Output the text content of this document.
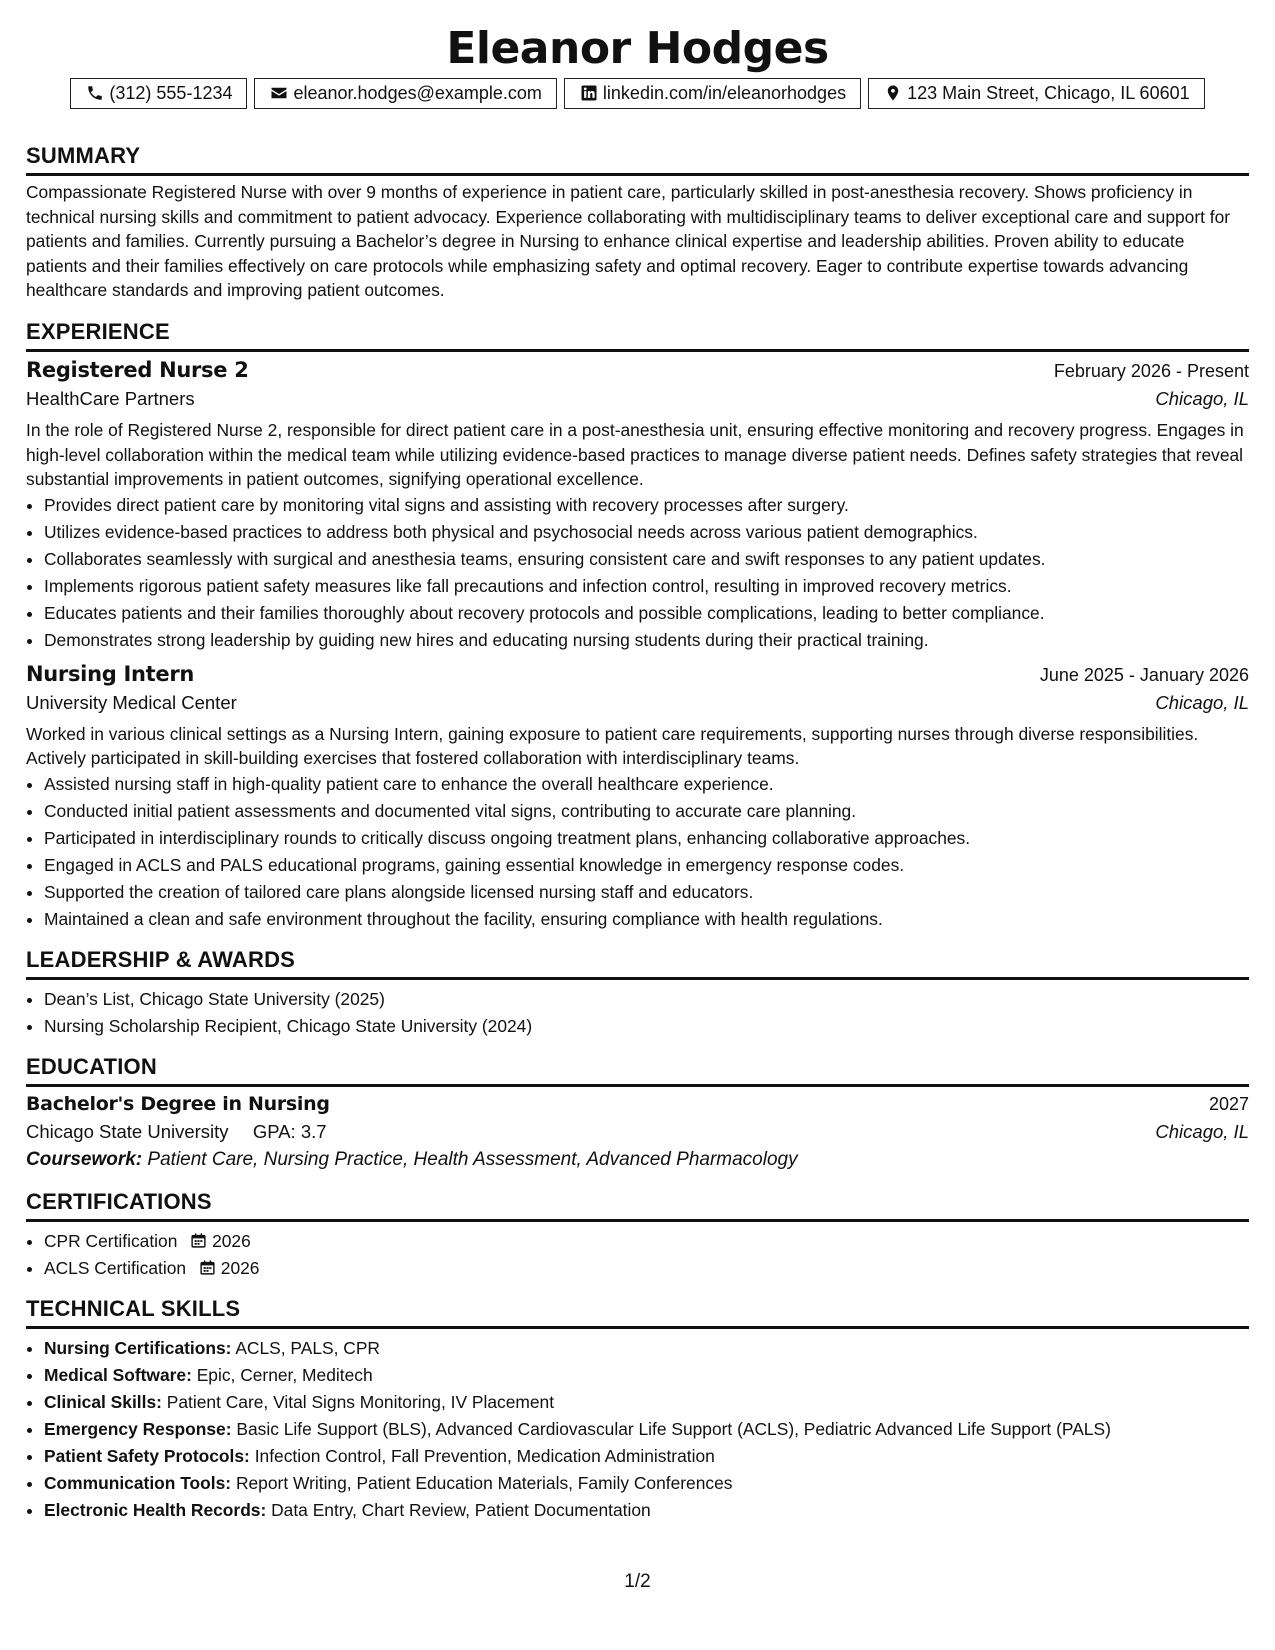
Eleanor Hodges
(312) 555-1234	eleanor.hodges@example.com	linkedin.com/in/eleanorhodges	123 Main Street, Chicago, IL 60601
SUMMARY

Compassionate Registered Nurse with over 9 months of experience in patient care, particularly skilled in post-anesthesia recovery. Shows proficiency in technical nursing skills and commitment to patient advocacy. Experience collaborating with multidisciplinary teams to deliver exceptional care and support for patients and families. Currently pursuing a Bachelor’s degree in Nursing to enhance clinical expertise and leadership abilities. Proven ability to educate patients and their families effectively on care protocols while emphasizing safety and optimal recovery. Eager to contribute expertise towards advancing healthcare standards and improving patient outcomes.

EXPERIENCE
Registered Nurse 2	February 2026 - Present
HealthCare Partners	Chicago, IL

In the role of Registered Nurse 2, responsible for direct patient care in a post-anesthesia unit, ensuring effective monitoring and recovery progress. Engages in high-level collaboration within the medical team while utilizing evidence-based practices to manage diverse patient needs. Defines safety strategies that reveal substantial improvements in patient outcomes, signifying operational excellence.

• Provides direct patient care by monitoring vital signs and assisting with recovery processes after surgery.
• Utilizes evidence-based practices to address both physical and psychosocial needs across various patient demographics.
• Collaborates seamlessly with surgical and anesthesia teams, ensuring consistent care and swift responses to any patient updates.
• Implements rigorous patient safety measures like fall precautions and infection control, resulting in improved recovery metrics.
• Educates patients and their families thoroughly about recovery protocols and possible complications, leading to better compliance.
• Demonstrates strong leadership by guiding new hires and educating nursing students during their practical training.
Nursing Intern	June 2025 - January 2026
University Medical Center	Chicago, IL

Worked in various clinical settings as a Nursing Intern, gaining exposure to patient care requirements, supporting nurses through diverse responsibilities. Actively participated in skill-building exercises that fostered collaboration with interdisciplinary teams.

• Assisted nursing staff in high-quality patient care to enhance the overall healthcare experience.
• Conducted initial patient assessments and documented vital signs, contributing to accurate care planning.
• Participated in interdisciplinary rounds to critically discuss ongoing treatment plans, enhancing collaborative approaches.
• Engaged in ACLS and PALS educational programs, gaining essential knowledge in emergency response codes.
• Supported the creation of tailored care plans alongside licensed nursing staff and educators.
• Maintained a clean and safe environment throughout the facility, ensuring compliance with health regulations.
LEADERSHIP & AWARDS
• Dean’s List, Chicago State University (2025)
• Nursing Scholarship Recipient, Chicago State University (2024)
EDUCATION
Bachelor's Degree in Nursing	2027
Chicago State University GPA: 3.7	Chicago, IL
Coursework: Patient Care, Nursing Practice, Health Assessment, Advanced Pharmacology
CERTIFICATIONS
• CPR Certification 2026
• ACLS Certification 2026
TECHNICAL SKILLS
• Nursing Certifications: ACLS, PALS, CPR
• Medical Software: Epic, Cerner, Meditech
• Clinical Skills: Patient Care, Vital Signs Monitoring, IV Placement
• Emergency Response: Basic Life Support (BLS), Advanced Cardiovascular Life Support (ACLS), Pediatric Advanced Life Support (PALS)
• Patient Safety Protocols: Infection Control, Fall Prevention, Medication Administration
• Communication Tools: Report Writing, Patient Education Materials, Family Conferences
• Electronic Health Records: Data Entry, Chart Review, Patient Documentation
1/2
